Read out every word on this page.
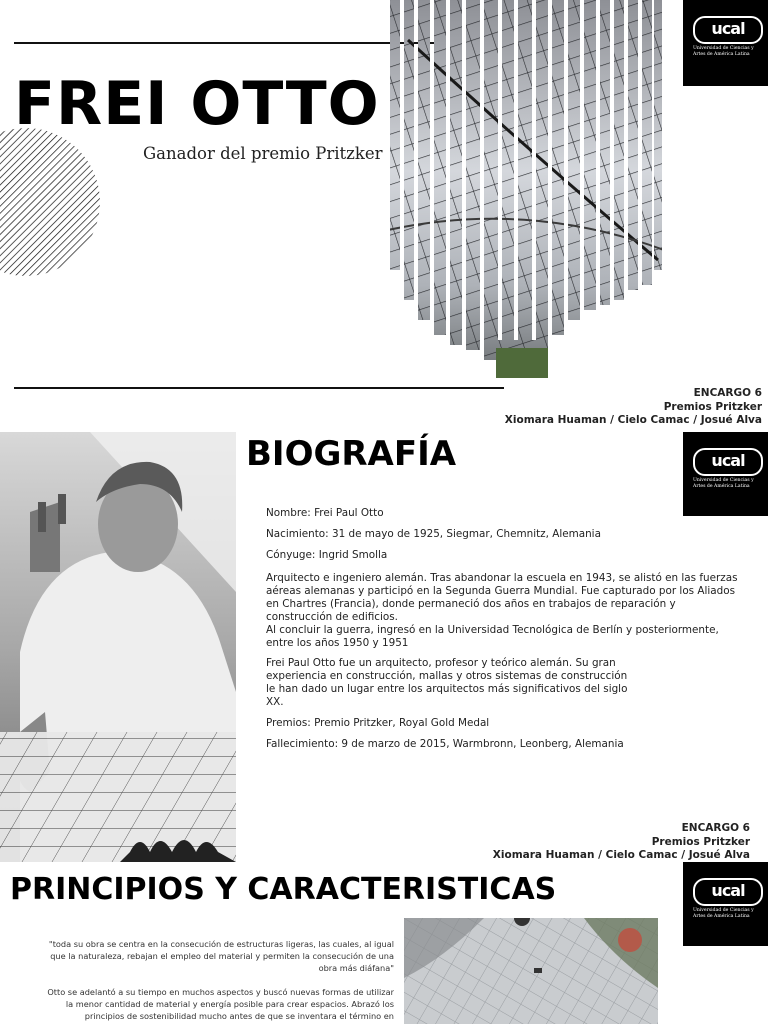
FREI OTTO
Ganador del premio Pritzker
ucal
Universidad de Ciencias y Artes de América Latina
ENCARGO 6
Premios Pritzker
Xiomara Huaman / Cielo Camac / Josué Alva
BIOGRAFÍA	ucal
Universidad de Ciencias y Artes de América Latina

Nombre: Frei Paul Otto

Nacimiento: 31 de mayo de 1925, Siegmar, Chemnitz, Alemania

Cónyuge: Ingrid Smolla

Arquitecto e ingeniero alemán. Tras abandonar la escuela en 1943, se alistó en las fuerzas aéreas alemanas y participó en la Segunda Guerra Mundial. Fue capturado por los Aliados en Chartres (Francia), donde permaneció dos años en trabajos de reparación y construcción de edificios.

Al concluir la guerra, ingresó en la Universidad Tecnológica de Berlín y posteriormente, entre los años 1950 y 1951

Frei Paul Otto fue un arquitecto, profesor y teórico alemán. Su gran experiencia en construcción, mallas y otros sistemas de construcción le han dado un lugar entre los arquitectos más significativos del siglo XX.

Premios: Premio Pritzker, Royal Gold Medal

Fallecimiento: 9 de marzo de 2015, Warmbronn, Leonberg, Alemania

ENCARGO 6
Premios Pritzker
Xiomara Huaman / Cielo Camac / Josué Alva
PRINCIPIOS Y CARACTERISTICAS	ucal
Universidad de Ciencias y Artes de América Latina

"toda su obra se centra en la consecución de estructuras ligeras, las cuales, al igual que la naturaleza, rebajan el empleo del material y permiten la consecución de una obra más diáfana"

Otto se adelantó a su tiempo en muchos aspectos y buscó nuevas formas de utilizar la menor cantidad de material y energía posible para crear espacios. Abrazó los principios de sostenibilidad mucho antes de que se inventara el término en
